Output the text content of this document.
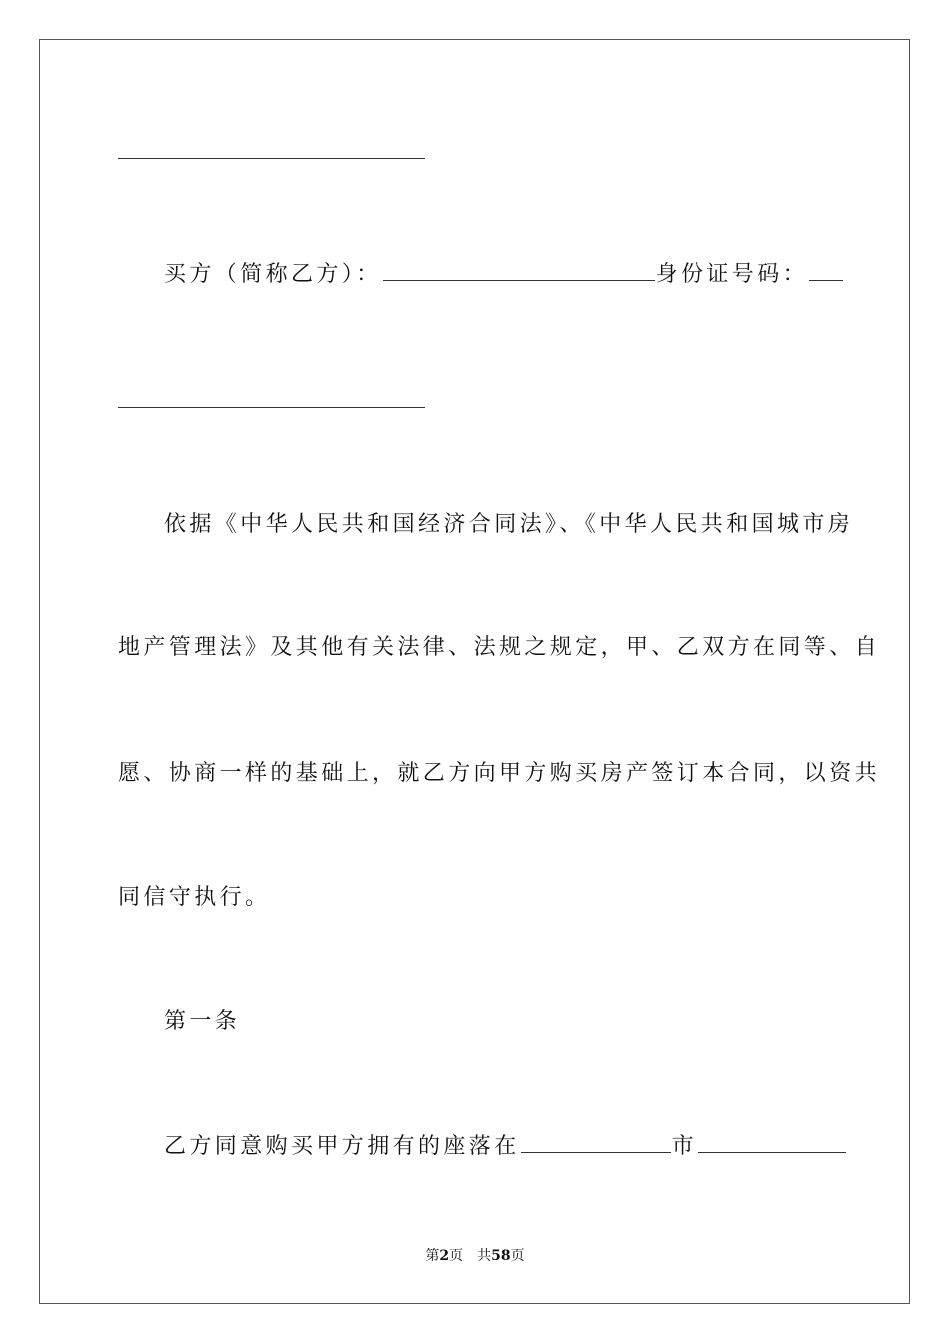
买方（简称乙方）：	身份证号码：
依据《中华人民共和国经济合同法》、《中华人民共和国城市房
地产管理法》及其他有关法律、法规之规定，甲、乙双方在同等、自
愿、协商一样的基础上，就乙方向甲方购买房产签订本合同，以资共
同信守执行。
第一条
乙方同意购买甲方拥有的座落在	市
第2页 共58页
